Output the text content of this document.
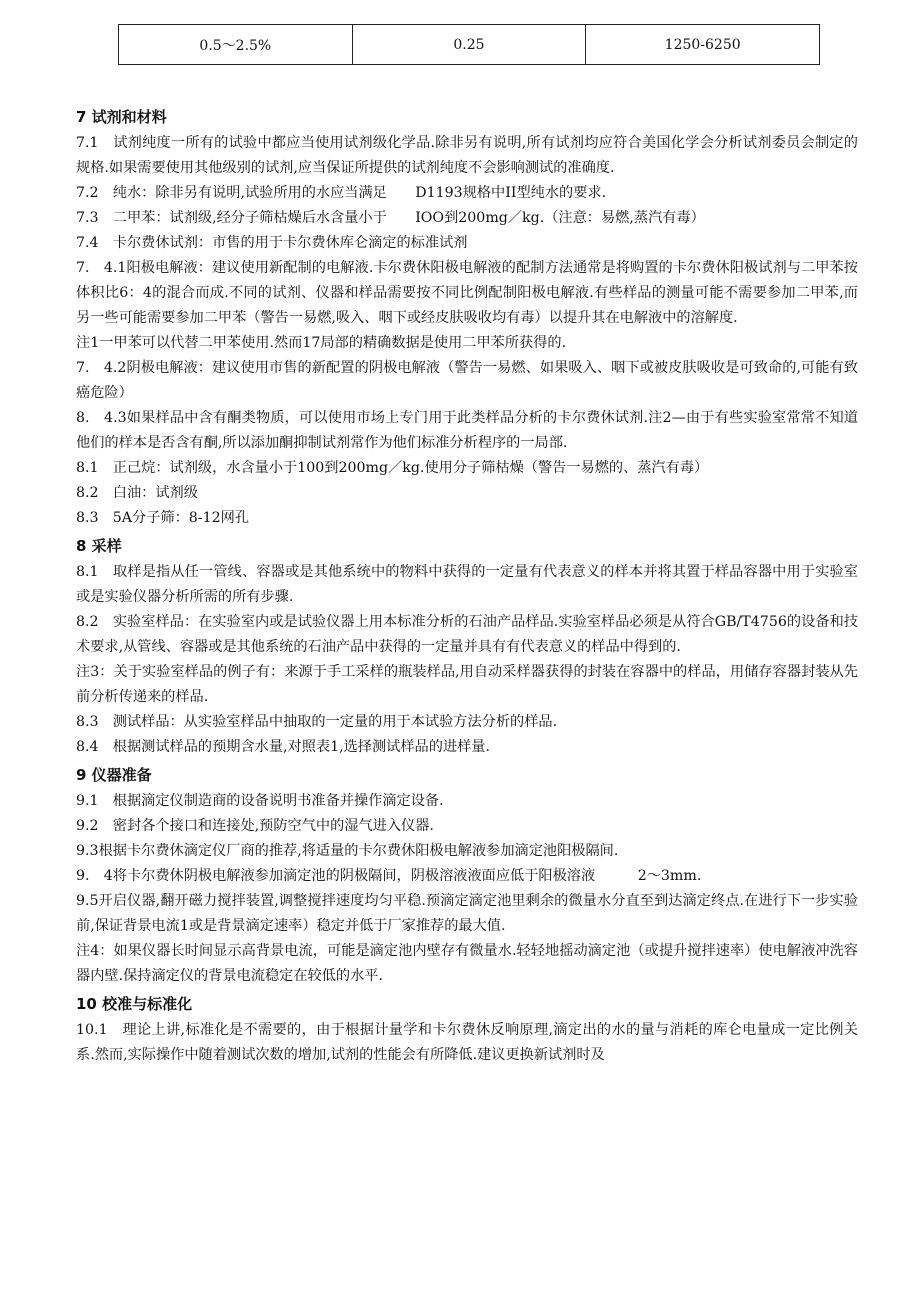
0.5～2.5%	0.25	1250-6250
7 试剂和材料

7.1　试剂纯度一所有的试验中都应当使用试剂级化学品.除非另有说明,所有试剂均应符合美国化学会分析试剂委员会制定的规格.如果需要使用其他级别的试剂,应当保证所提供的试剂纯度不会影响测试的准确度.

7.2　纯水：除非另有说明,试验所用的水应当满足　　D1193规格中II型纯水的要求.

7.3　二甲苯：试剂级,经分子筛枯燥后水含量小于　　IOO到200mg／kg.（注意：易燃,蒸汽有毒）

7.4　卡尔费休试剂：市售的用于卡尔费休库仑滴定的标准试剂

7.　4.1阳极电解液：建议使用新配制的电解液.卡尔费休阳极电解液的配制方法通常是将购置的卡尔费休阳极试剂与二甲苯按体积比6：4的混合而成.不同的试剂、仪器和样品需要按不同比例配制阳极电解液.有些样品的测量可能不需要参加二甲苯,而另一些可能需要参加二甲苯（警告一易燃,吸入、咽下或经皮肤吸收均有毒）以提升其在电解液中的溶解度.

注1一甲苯可以代替二甲苯使用.然而17局部的精确数据是使用二甲苯所获得的.

7.　4.2阴极电解液：建议使用市售的新配置的阴极电解液（警告一易燃、如果吸入、咽下或被皮肤吸收是可致命的,可能有致癌危险）

8.　4.3如果样品中含有酮类物质，可以使用市场上专门用于此类样品分析的卡尔费休试剂.注2—由于有些实验室常常不知道他们的样本是否含有酮,所以添加酮抑制试剂常作为他们标准分析程序的一局部.

8.1　正己烷：试剂级，水含量小于100到200mg／kg.使用分子筛枯燥（警告一易燃的、蒸汽有毒）

8.2　白油：试剂级

8.3　5A分子筛：8-12网孔

8 采样

8.1　取样是指从任一管线、容器或是其他系统中的物料中获得的一定量有代表意义的样本并将其置于样品容器中用于实验室或是实验仪器分析所需的所有步骤.

8.2　实验室样品：在实验室内或是试验仪器上用本标准分析的石油产品样品.实验室样品必须是从符合GB/T4756的设备和技术要求,从管线、容器或是其他系统的石油产品中获得的一定量并具有有代表意义的样品中得到的.

注3：关于实验室样品的例子有：来源于手工采样的瓶装样品,用自动采样器获得的封装在容器中的样品，用储存容器封装从先前分析传递来的样品.

8.3　测试样品：从实验室样品中抽取的一定量的用于本试验方法分析的样品.

8.4　根据测试样品的预期含水量,对照表1,选择测试样品的进样量.

9 仪器准备

9.1　根据滴定仪制造商的设备说明书准备并操作滴定设备.

9.2　密封各个接口和连接处,预防空气中的湿气进入仪器.

9.3根据卡尔费休滴定仪厂商的推荐,将适量的卡尔费休阳极电解液参加滴定池阳极隔间.

9.　4将卡尔费休阴极电解液参加滴定池的阴极隔间，阴极溶液液面应低于阳极溶液　　　2～3mm.

9.5开启仪器,翻开磁力搅拌装置,调整搅拌速度均匀平稳.预滴定滴定池里剩余的微量水分直至到达滴定终点.在进行下一步实验前,保证背景电流1或是背景滴定速率）稳定并低于厂家推荐的最大值.

注4：如果仪器长时间显示高背景电流，可能是滴定池内壁存有微量水.轻轻地摇动滴定池（或提升搅拌速率）使电解液冲洗容器内壁.保持滴定仪的背景电流稳定在较低的水平.

10 校准与标准化

10.1　理论上讲,标准化是不需要的，由于根据计量学和卡尔费休反响原理,滴定出的水的量与消耗的库仑电量成一定比例关系.然而,实际操作中随着测试次数的增加,试剂的性能会有所降低.建议更换新试剂时及
